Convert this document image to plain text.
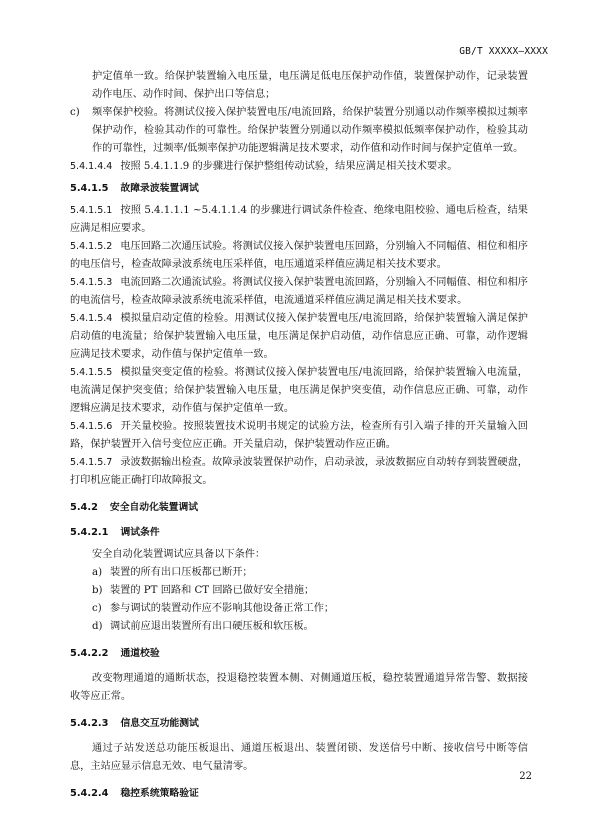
GB/T XXXXX—XXXX
护定值单一致。给保护装置输入电压量，电压满足低电压保护动作值，装置保护动作，记录装置动作电压、动作时间、保护出口等信息；
c)	频率保护校验。将测试仪接入保护装置电压/电流回路，给保护装置分别通以动作频率模拟过频率保护动作，检验其动作的可靠性。给保护装置分别通以动作频率模拟低频率保护动作，检验其动作的可靠性，过频率/低频率保护功能逻辑满足技术要求，动作值和动作时间与保护定值单一致。
5.4.1.4.4 按照 5.4.1.1.9 的步骤进行保护整组传动试验，结果应满足相关技术要求。
5.4.1.5 故障录波装置调试
5.4.1.5.1 按照 5.4.1.1.1 ~5.4.1.1.4 的步骤进行调试条件检查、绝缘电阻校验、通电后检查，结果应满足相应要求。
5.4.1.5.2 电压回路二次通压试验。将测试仪接入保护装置电压回路，分别输入不同幅值、相位和相序的电压信号，检查故障录波系统电压采样值，电压通道采样值应满足相关技术要求。
5.4.1.5.3 电流回路二次通流试验。将测试仪接入保护装置电流回路，分别输入不同幅值、相位和相序的电流信号，检查故障录波系统电流采样值，电流通道采样值应满足满足相关技术要求。
5.4.1.5.4 模拟量启动定值的检验。用测试仪接入保护装置电压/电流回路，给保护装置输入满足保护启动值的电流量；给保护装置输入电压量，电压满足保护启动值，动作信息应正确、可靠，动作逻辑应满足技术要求，动作值与保护定值单一致。
5.4.1.5.5 模拟量突变定值的检验。将测试仪接入保护装置电压/电流回路，给保护装置输入电流量，电流满足保护突变值；给保护装置输入电压量，电压满足保护突变值，动作信息应正确、可靠，动作逻辑应满足技术要求，动作值与保护定值单一致。
5.4.1.5.6 开关量校验。按照装置技术说明书规定的试验方法，检查所有引入端子排的开关量输入回路，保护装置开入信号变位应正确。开关量启动，保护装置动作应正确。
5.4.1.5.7 录波数据输出检查。故障录波装置保护动作，启动录波，录波数据应自动转存到装置硬盘，打印机应能正确打印故障报文。
5.4.2 安全自动化装置调试
5.4.2.1 调试条件
安全自动化装置调试应具备以下条件：
a) 装置的所有出口压板都已断开；
b) 装置的 PT 回路和 CT 回路已做好安全措施；
c) 参与调试的装置动作应不影响其他设备正常工作；
d) 调试前应退出装置所有出口硬压板和软压板。
5.4.2.2 通道校验
改变物理通道的通断状态，投退稳控装置本侧、对侧通道压板，稳控装置通道异常告警、数据接收等应正常。
5.4.2.3 信息交互功能测试
通过子站发送总功能压板退出、通道压板退出、装置闭锁、发送信号中断、接收信号中断等信息，主站应显示信息无效、电气量清零。
5.4.2.4 稳控系统策略验证
22
